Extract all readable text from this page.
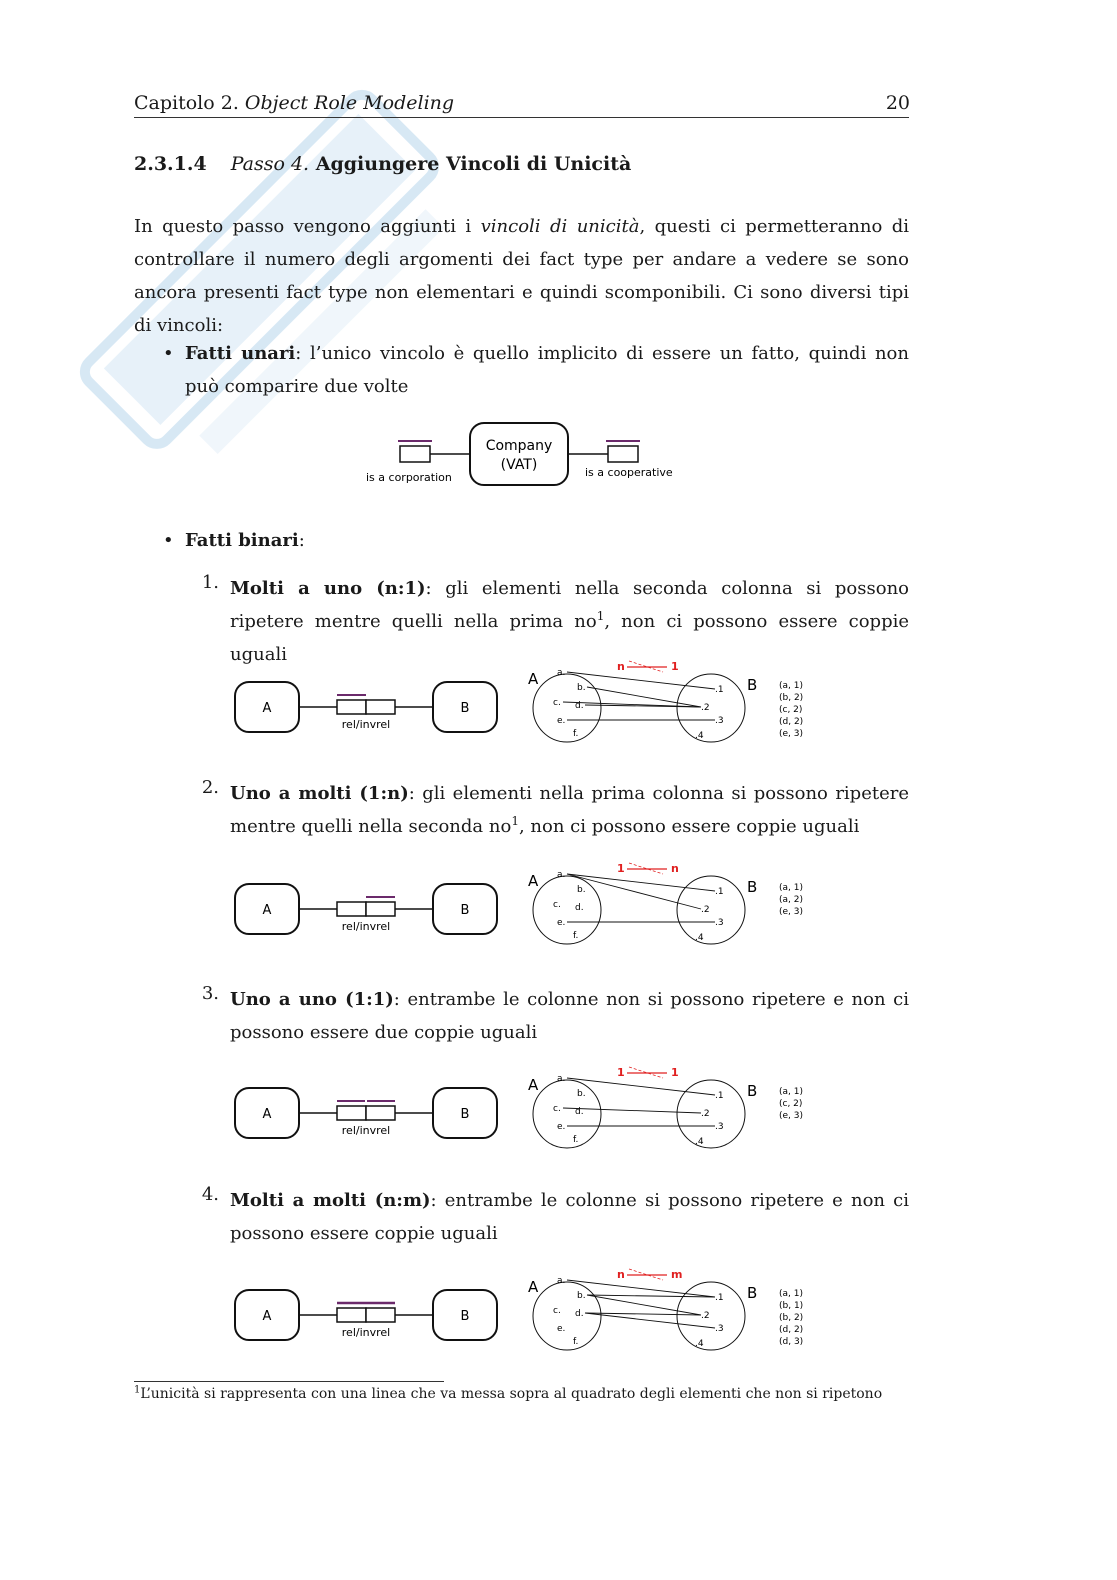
Capitolo 2. Object Role Modeling	20
2.3.1.4 Passo 4. Aggiungere Vincoli di Unicità
In questo passo vengono aggiunti i vincoli di unicità, questi ci permetteranno di controllare il numero degli argomenti dei fact type per andare a vedere se sono ancora presenti fact type non elementari e quindi scomponibili. Ci sono diversi tipi di vincoli:
• Fatti unari: l’unico vincolo è quello implicito di essere un fatto, quindi non può comparire due volte
Company
(VAT)
is a corporation	is a cooperative
• Fatti binari:
1. Molti a uno (n:1): gli elementi nella seconda colonna si possono ripetere mentre quelli nella prima $no^1$, non ci possono essere coppie uguali
2. Uno a molti (1:n): gli elementi nella prima colonna si possono ripetere mentre quelli nella seconda $no^1$, non ci possono essere coppie uguali
3. Uno a uno (1:1): entrambe le colonne non si possono ripetere e non ci possono essere due coppie uguali
4. Molti a molti (n:m): entrambe le colonne si possono ripetere e non ci possono essere coppie uguali
A	B
rel/invrel
A	B
a.
b.
c. d.
e.
f.
.1
.2
.3
.4
n	1
(a, 1)
(b, 2)
(c, 2)
(d, 2)
(e, 3)
A	B
rel/invrel
A	B
a.
b.
c. d.
e.
f.
.1
.2
.3
.4
1	n
(a, 1)
(a, 2)
(e, 3)
A	B
rel/invrel
A	B
a.
b.
c. d.
e.
f.
.1
.2
.3
.4
1	1
(a, 1)
(c, 2)
(e, 3)
A	B
rel/invrel
A	B
a.
b.
c. d.
e.
f.
.1
.2
.3
.4
n	m
(a, 1)
(b, 1)
(b, 2)
(d, 2)
(d, 3)
$^1$L’unicità si rappresenta con una linea che va messa sopra al quadrato degli elementi che non si ripetono
